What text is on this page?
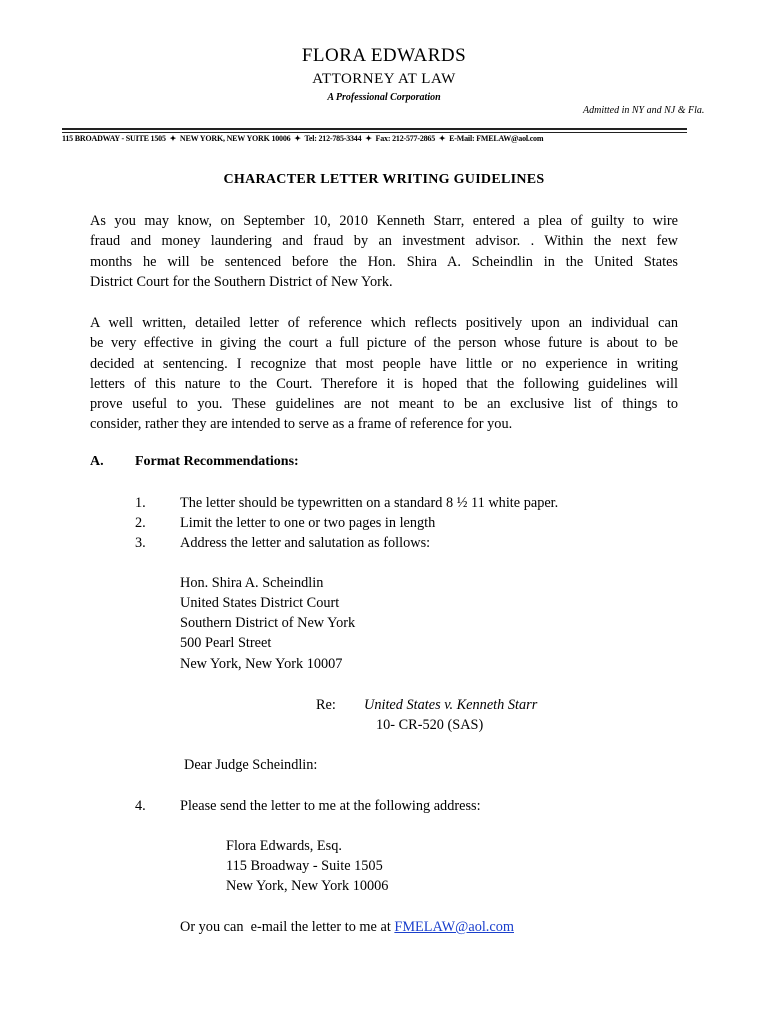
FLORA EDWARDS
ATTORNEY AT LAW
A Professional Corporation
Admitted in NY and NJ & Fla.
115 BROADWAY - SUITE 1505 ✦ NEW YORK, NEW YORK 10006 ✦ Tel: 212-785-3344 ✦ Fax: 212-577-2865 ✦ E-Mail: FMELAW@aol.com
CHARACTER LETTER WRITING GUIDELINES

As you may know, on September 10, 2010 Kenneth Starr, entered a plea of guilty to wire

fraud and money laundering and fraud by an investment advisor. . Within the next few

months he will be sentenced before the Hon. Shira A. Scheindlin in the United States

District Court for the Southern District of New York.

A well written, detailed letter of reference which reflects positively upon an individual can

be very effective in giving the court a full picture of the person whose future is about to be

decided at sentencing. I recognize that most people have little or no experience in writing

letters of this nature to the Court. Therefore it is hoped that the following guidelines will

prove useful to you. These guidelines are not meant to be an exclusive list of things to

consider, rather they are intended to serve as a frame of reference for you.

A. Format Recommendations:
1. The letter should be typewritten on a standard 8 ½ 11 white paper.
2. Limit the letter to one or two pages in length
3. Address the letter and salutation as follows:
Hon. Shira A. Scheindlin
United States District Court
Southern District of New York
500 Pearl Street
New York, New York 10007
Re: United States v. Kenneth Starr
10- CR-520 (SAS)
Dear Judge Scheindlin:
4. Please send the letter to me at the following address:
Flora Edwards, Esq.
115 Broadway - Suite 1505
New York, New York 10006
Or you can  e-mail the letter to me at FMELAW@aol.com
